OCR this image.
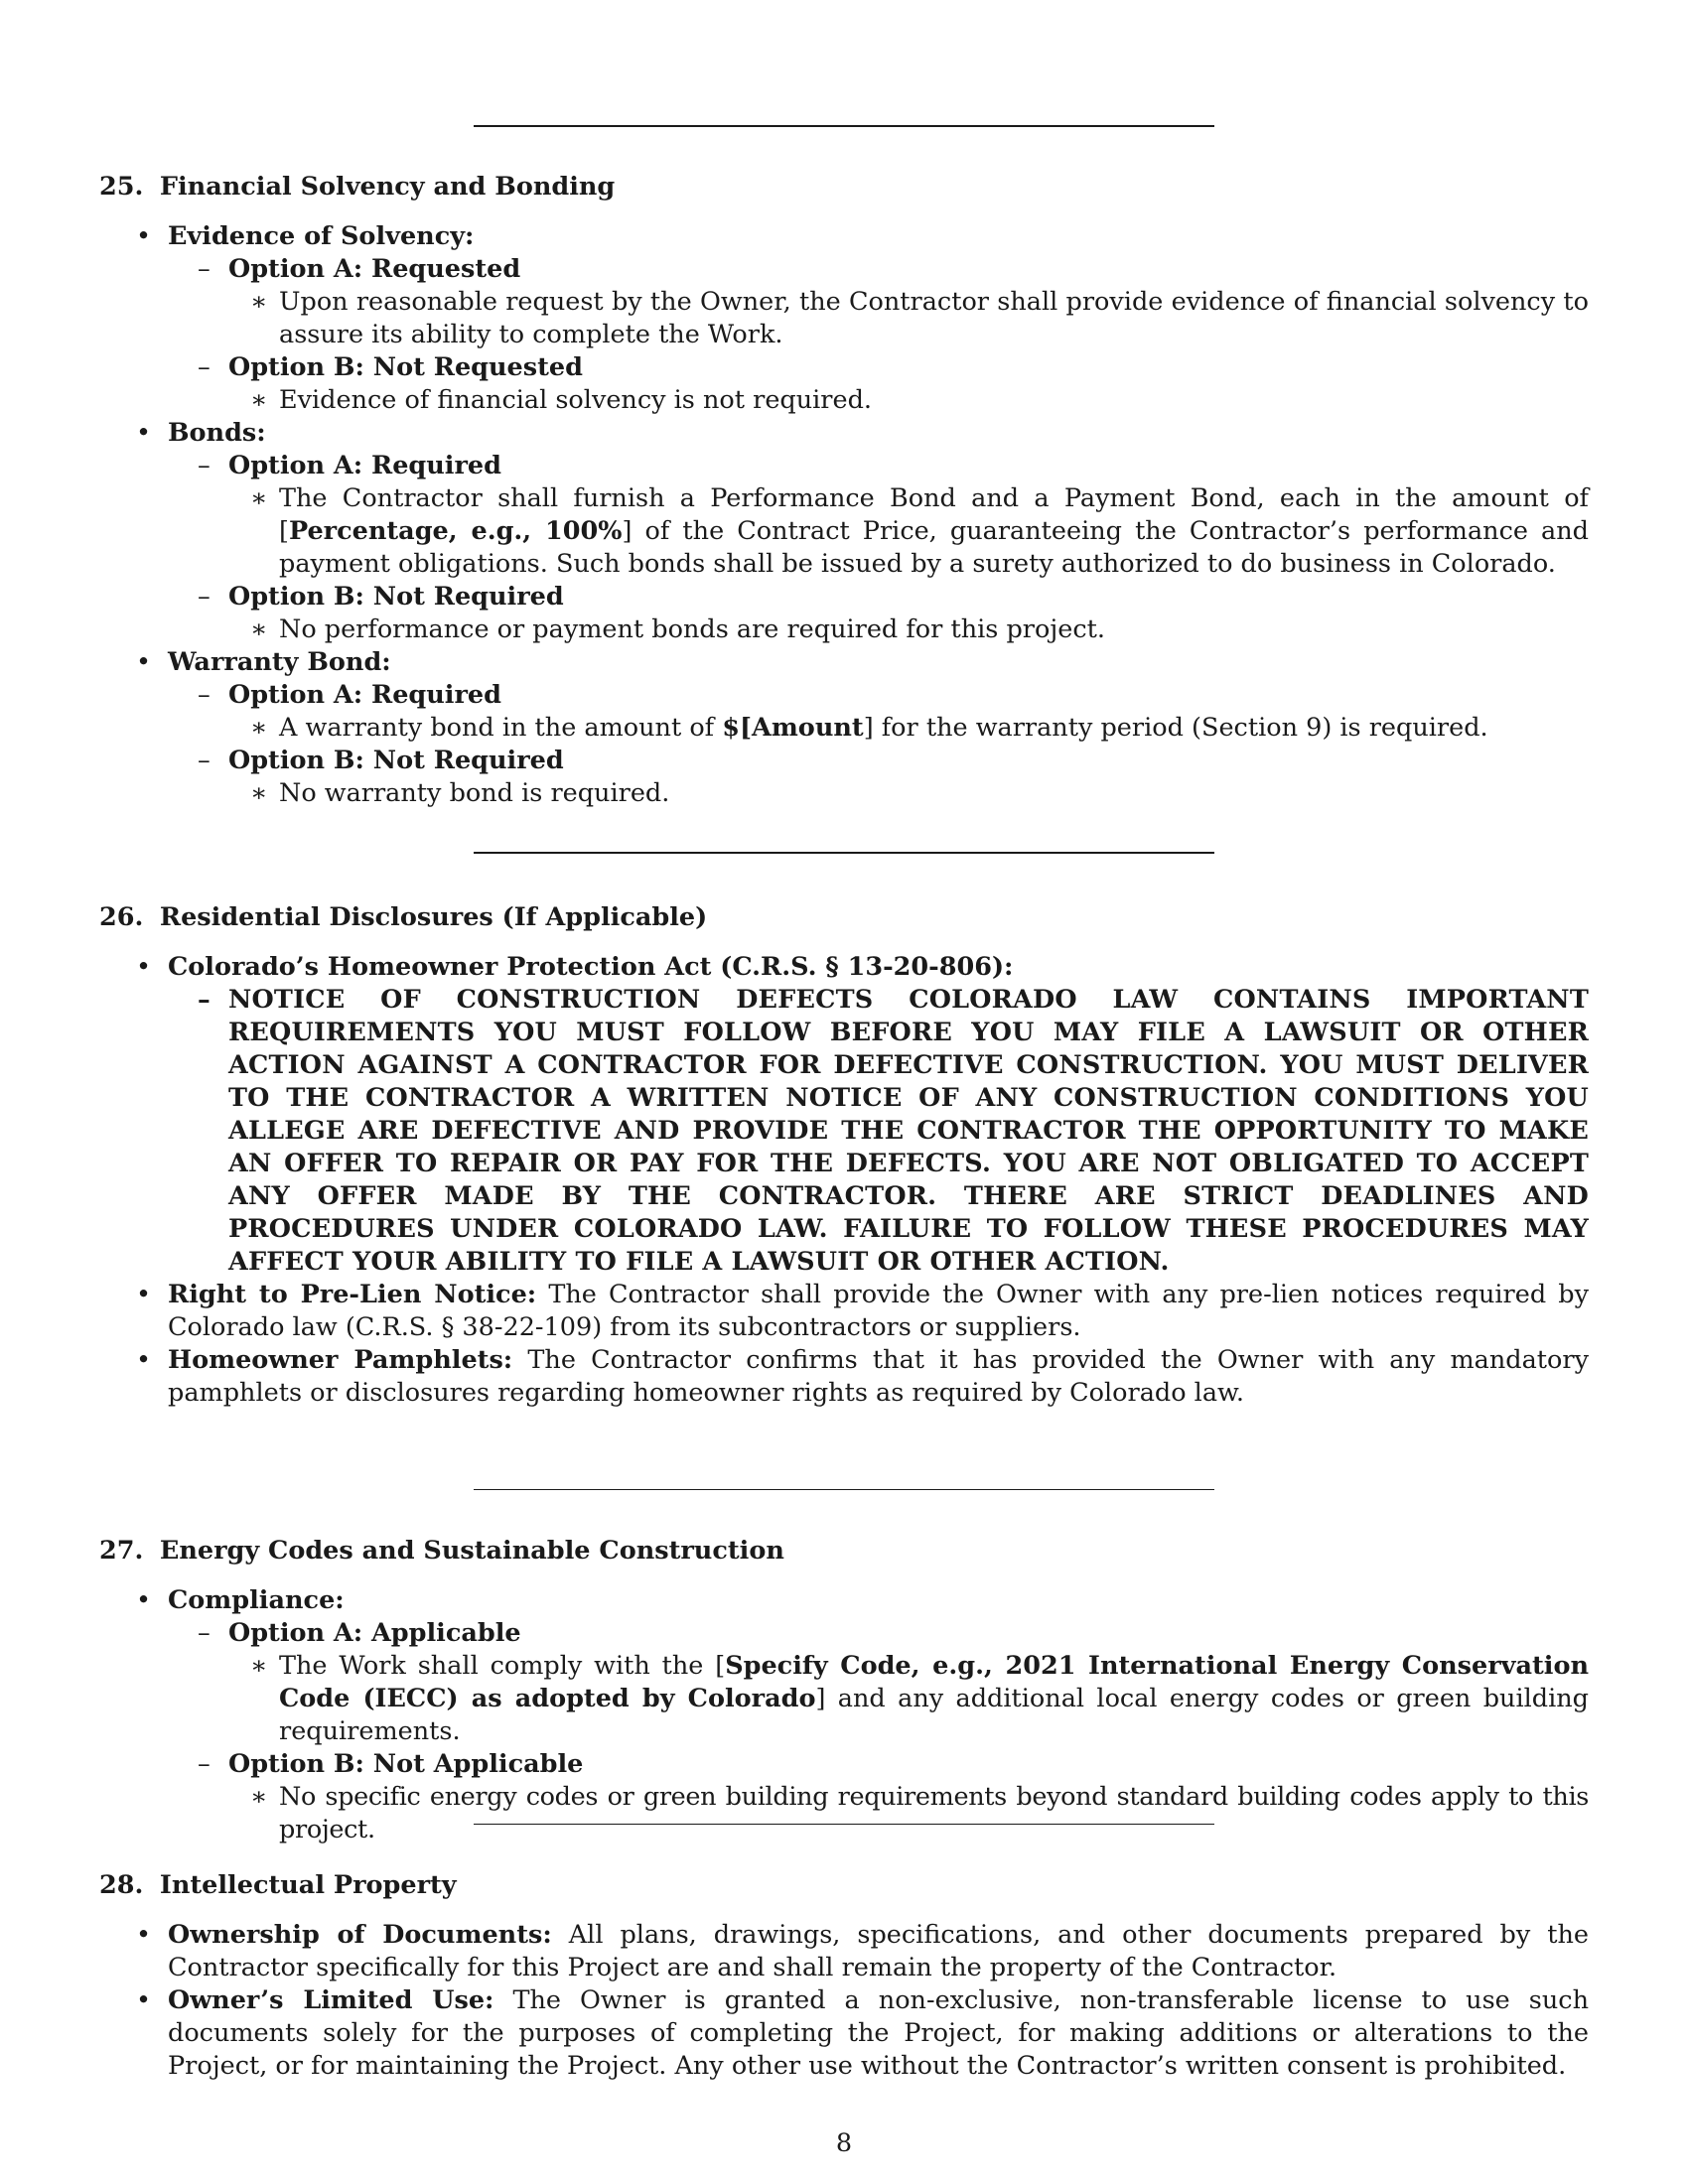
25. Financial Solvency and Bonding
• Evidence of Solvency:
– Option A: Requested
∗ Upon reasonable request by the Owner, the Contractor shall provide evidence of financial solvency to assure its ability to complete the Work.
– Option B: Not Requested
∗ Evidence of financial solvency is not required.
• Bonds:
– Option A: Required
∗ The Contractor shall furnish a Performance Bond and a Payment Bond, each in the amount of [Percentage, e.g., 100%] of the Contract Price, guaranteeing the Contractor’s performance and payment obligations. Such bonds shall be issued by a surety authorized to do business in Colorado.
– Option B: Not Required
∗ No performance or payment bonds are required for this project.
• Warranty Bond:
– Option A: Required
∗ A warranty bond in the amount of $[Amount] for the warranty period (Section 9) is required.
– Option B: Not Required
∗ No warranty bond is required.
26. Residential Disclosures (If Applicable)
• Colorado’s Homeowner Protection Act (C.R.S. § 13-20-806):
– NOTICE OF CONSTRUCTION DEFECTS COLORADO LAW CONTAINS IMPORTANT REQUIREMENTS YOU MUST FOLLOW BEFORE YOU MAY FILE A LAWSUIT OR OTHER ACTION AGAINST A CONTRACTOR FOR DEFECTIVE CONSTRUCTION. YOU MUST DELIVER TO THE CONTRACTOR A WRITTEN NOTICE OF ANY CONSTRUCTION CONDITIONS YOU ALLEGE ARE DEFECTIVE AND PROVIDE THE CONTRACTOR THE OPPORTUNITY TO MAKE AN OFFER TO REPAIR OR PAY FOR THE DEFECTS. YOU ARE NOT OBLIGATED TO ACCEPT ANY OFFER MADE BY THE CONTRACTOR. THERE ARE STRICT DEADLINES AND PROCEDURES UNDER COLORADO LAW. FAILURE TO FOLLOW THESE PROCEDURES MAY AFFECT YOUR ABILITY TO FILE A LAWSUIT OR OTHER ACTION.
• Right to Pre-Lien Notice: The Contractor shall provide the Owner with any pre-lien notices required by Colorado law (C.R.S. § 38-22-109) from its subcontractors or suppliers.
• Homeowner Pamphlets: The Contractor confirms that it has provided the Owner with any mandatory pamphlets or disclosures regarding homeowner rights as required by Colorado law.
27. Energy Codes and Sustainable Construction
• Compliance:
– Option A: Applicable
∗ The Work shall comply with the [Specify Code, e.g., 2021 International Energy Conservation Code (IECC) as adopted by Colorado] and any additional local energy codes or green building requirements.
– Option B: Not Applicable
∗ No specific energy codes or green building requirements beyond standard building codes apply to this project.
28. Intellectual Property
• Ownership of Documents: All plans, drawings, specifications, and other documents prepared by the Contractor specifically for this Project are and shall remain the property of the Contractor.
• Owner’s Limited Use: The Owner is granted a non-exclusive, non-transferable license to use such documents solely for the purposes of completing the Project, for making additions or alterations to the Project, or for maintaining the Project. Any other use without the Contractor’s written consent is prohibited.
8
